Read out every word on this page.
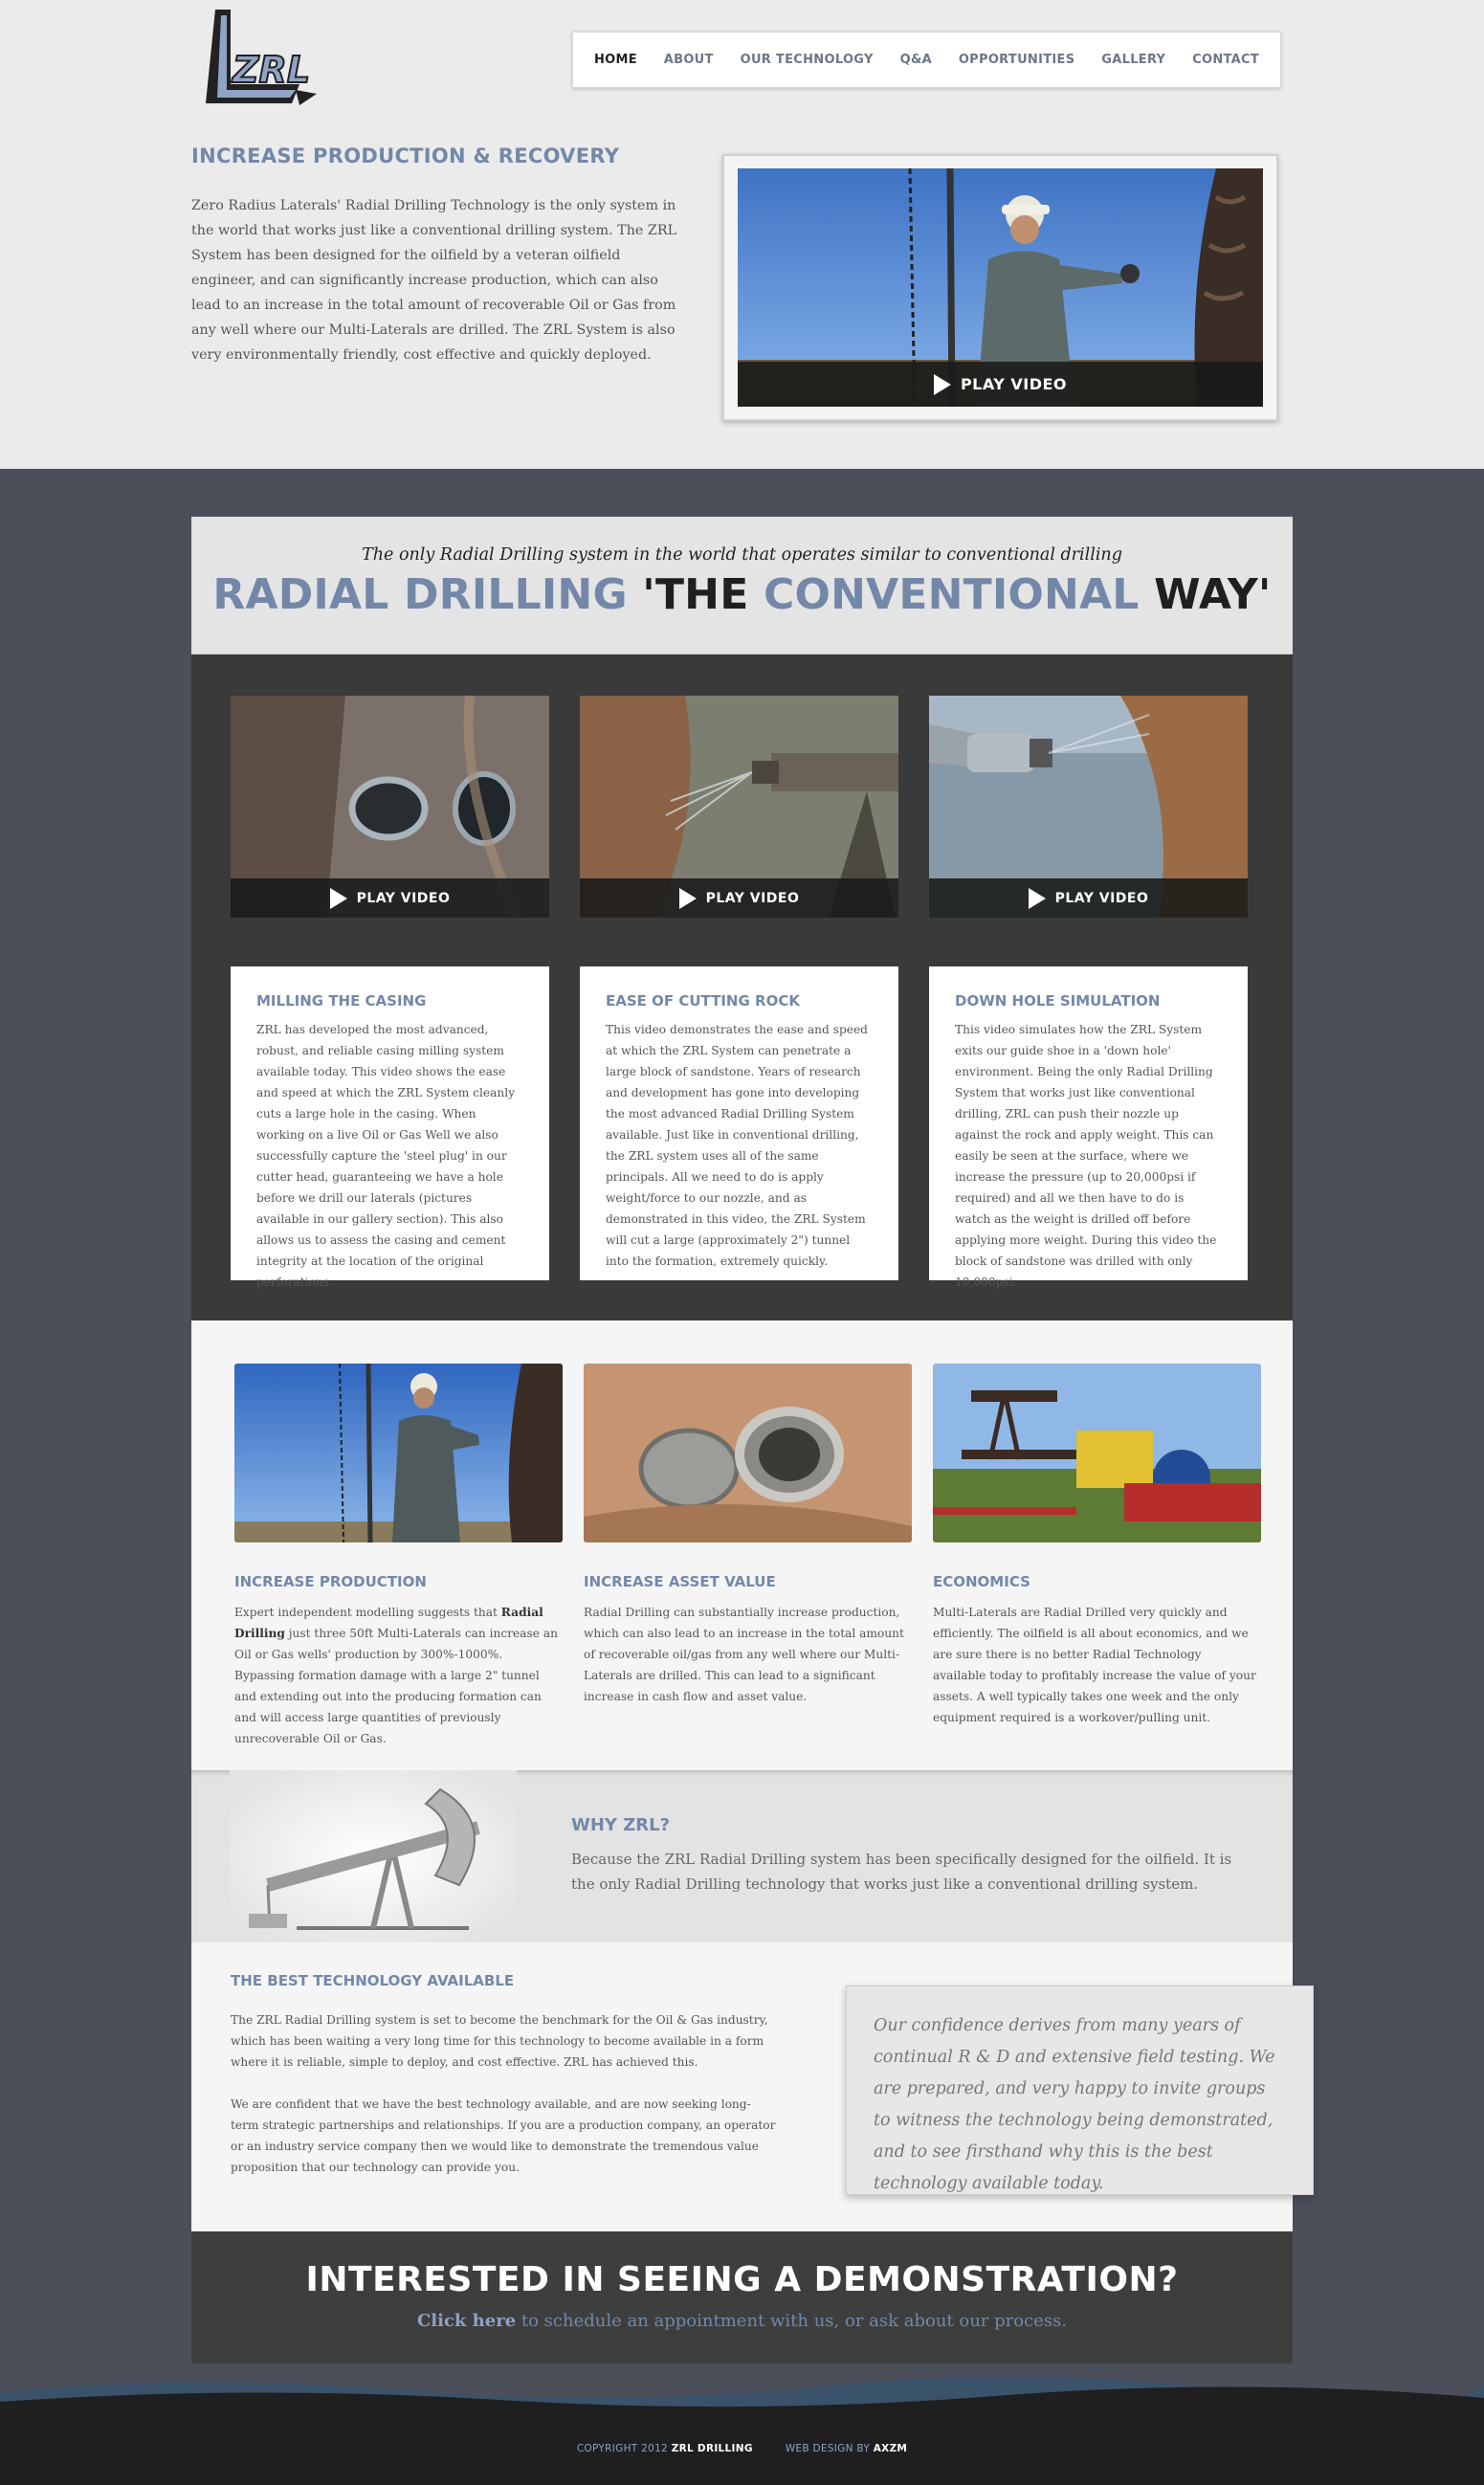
ZRL	HOME	ABOUT	OUR TECHNOLOGY	Q&A	OPPORTUNITIES	GALLERY	CONTACT
INCREASE PRODUCTION & RECOVERY

Zero Radius Laterals' Radial Drilling Technology is the only system in the world that works just like a conventional drilling system. The ZRL System has been designed for the oilfield by a veteran oilfield engineer, and can significantly increase production, which can also lead to an increase in the total amount of recoverable Oil or Gas from any well where our Multi-Laterals are drilled. The ZRL System is also very environmentally friendly, cost effective and quickly deployed.

PLAY VIDEO

The only Radial Drilling system in the world that operates similar to conventional drilling

RADIAL DRILLING 'THE CONVENTIONAL WAY'

PLAY VIDEO
MILLING THE CASING

ZRL has developed the most advanced, robust, and reliable casing milling system available today. This video shows the ease and speed at which the ZRL System cleanly cuts a large hole in the casing. When working on a live Oil or Gas Well we also successfully capture the 'steel plug' in our cutter head, guaranteeing we have a hole before we drill our laterals (pictures available in our gallery section). This also allows us to assess the casing and cement integrity at the location of the original perforations.

PLAY VIDEO
EASE OF CUTTING ROCK

This video demonstrates the ease and speed at which the ZRL System can penetrate a large block of sandstone. Years of research and development has gone into developing the most advanced Radial Drilling System available. Just like in conventional drilling, the ZRL system uses all of the same principals. All we need to do is apply weight/force to our nozzle, and as demonstrated in this video, the ZRL System will cut a large (approximately 2") tunnel into the formation, extremely quickly.

PLAY VIDEO
DOWN HOLE SIMULATION

This video simulates how the ZRL System exits our guide shoe in a 'down hole' environment. Being the only Radial Drilling System that works just like conventional drilling, ZRL can push their nozzle up against the rock and apply weight. This can easily be seen at the surface, where we increase the pressure (up to 20,000psi if required) and all we then have to do is watch as the weight is drilled off before applying more weight. During this video the block of sandstone was drilled with only 10,000psi.

INCREASE PRODUCTION

Expert independent modelling suggests that Radial Drilling just three 50ft Multi-Laterals can increase an Oil or Gas wells' production by 300%-1000%. Bypassing formation damage with a large 2" tunnel and extending out into the producing formation can and will access large quantities of previously unrecoverable Oil or Gas.

INCREASE ASSET VALUE

Radial Drilling can substantially increase production, which can also lead to an increase in the total amount of recoverable oil/gas from any well where our Multi-Laterals are drilled. This can lead to a significant increase in cash flow and asset value.

ECONOMICS

Multi-Laterals are Radial Drilled very quickly and efficiently. The oilfield is all about economics, and we are sure there is no better Radial Technology available today to profitably increase the value of your assets. A well typically takes one week and the only equipment required is a workover/pulling unit.

WHY ZRL?

Because the ZRL Radial Drilling system has been specifically designed for the oilfield. It is the only Radial Drilling technology that works just like a conventional drilling system.

THE BEST TECHNOLOGY AVAILABLE

The ZRL Radial Drilling system is set to become the benchmark for the Oil & Gas industry, which has been waiting a very long time for this technology to become available in a form where it is reliable, simple to deploy, and cost effective. ZRL has achieved this.

We are confident that we have the best technology available, and are now seeking long-term strategic partnerships and relationships. If you are a production company, an operator or an industry service company then we would like to demonstrate the tremendous value proposition that our technology can provide you.

Our confidence derives from many years of continual R & D and extensive field testing. We are prepared, and very happy to invite groups to witness the technology being demonstrated, and to see firsthand why this is the best technology available today.

INTERESTED IN SEEING A DEMONSTRATION?

Click here to schedule an appointment with us, or ask about our process.

COPYRIGHT 2012 ZRL DRILLING	WEB DESIGN BY AXZM
